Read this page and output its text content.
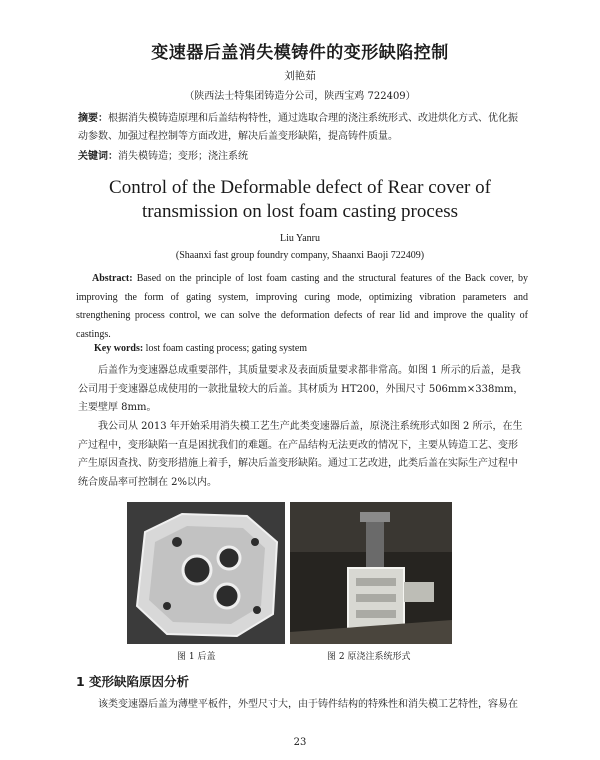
变速器后盖消失模铸件的变形缺陷控制
刘艳茹
（陕西法士特集团铸造分公司，陕西宝鸡 722409）
摘要：根据消失模铸造原理和后盖结构特性，通过选取合理的浇注系统形式、改进烘化方式、优化振动参数、加强过程控制等方面改进，解决后盖变形缺陷，提高铸件质量。
关键词：消失模铸造；变形；浇注系统
Control of the Deformable defect of Rear cover of transmission on lost foam casting process
Liu Yanru
(Shaanxi fast group foundry company, Shaanxi Baoji 722409)
Abstract: Based on the principle of lost foam casting and the structural features of the Back cover, by improving the form of gating system, improving curing mode, optimizing vibration parameters and strengthening process control, we can solve the deformation defects of rear lid and improve the quality of castings.
Key words: lost foam casting process; gating system
后盖作为变速器总成重要部件，其质量要求及表面质量要求都非常高。如图 1 所示的后盖，是我公司用于变速器总成使用的一款批量较大的后盖。其材质为 HT200，外围尺寸 506mm×338mm，主要壁厚 8mm。
我公司从 2013 年开始采用消失模工艺生产此类变速器后盖，原浇注系统形式如图 2 所示，在生产过程中，变形缺陷一直是困扰我们的难题。在产品结构无法更改的情况下，主要从铸造工艺、变形产生原因查找、防变形措施上着手，解决后盖变形缺陷。通过工艺改进，此类后盖在实际生产过程中统合废品率可控制在 2%以内。
图 1 后盖	图 2 原浇注系统形式
1 变形缺陷原因分析
该类变速器后盖为薄壁平板件，外型尺寸大，由于铸件结构的特殊性和消失模工艺特性，容易在
23
